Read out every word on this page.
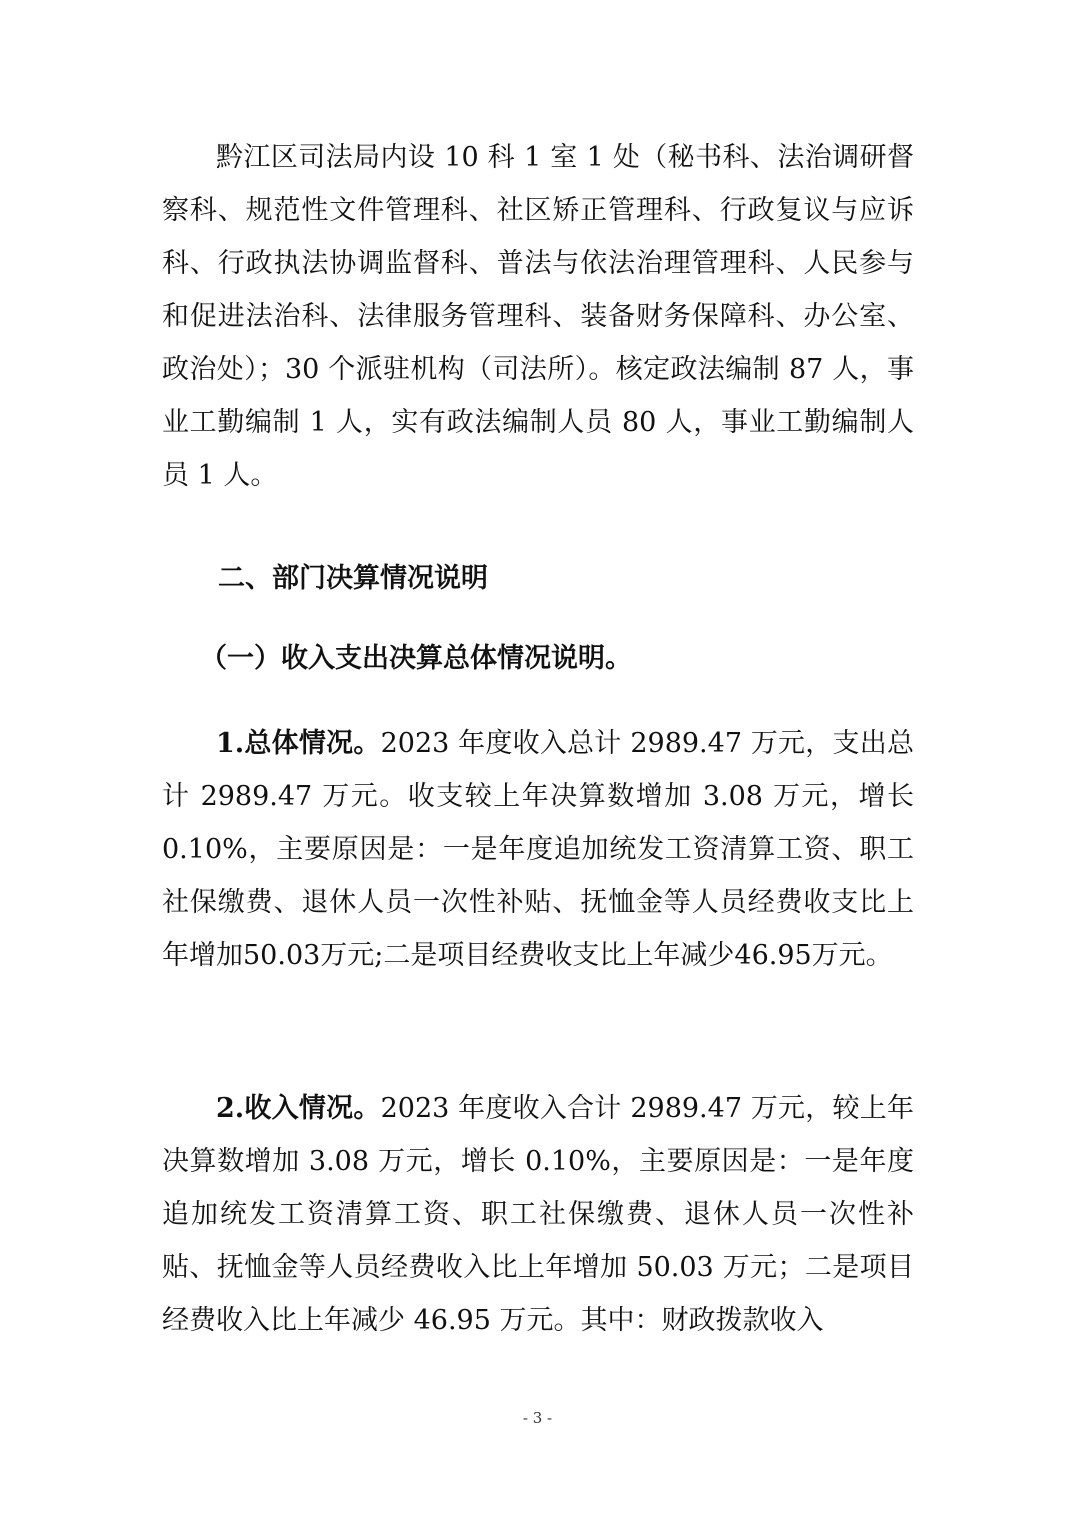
黔江区司法局内设 10 科 1 室 1 处（秘书科、法治调研督察科、规范性文件管理科、社区矫正管理科、行政复议与应诉科、行政执法协调监督科、普法与依法治理管理科、人民参与和促进法治科、法律服务管理科、装备财务保障科、办公室、政治处）；30 个派驻机构（司法所）。核定政法编制 87 人，事业工勤编制 1 人，实有政法编制人员 80 人，事业工勤编制人员 1 人。

二、部门决算情况说明
（一）收入支出决算总体情况说明。

1.总体情况。2023 年度收入总计 2989.47 万元，支出总计 2989.47 万元。收支较上年决算数增加 3.08 万元，增长 0.10%，主要原因是：一是年度追加统发工资清算工资、职工社保缴费、退休人员一次性补贴、抚恤金等人员经费收支比上年增加50.03万元;二是项目经费收支比上年减少46.95万元。

2.收入情况。2023 年度收入合计 2989.47 万元，较上年决算数增加 3.08 万元，增长 0.10%，主要原因是：一是年度追加统发工资清算工资、职工社保缴费、退休人员一次性补贴、抚恤金等人员经费收入比上年增加 50.03 万元；二是项目经费收入比上年减少 46.95 万元。其中：财政拨款收入

- 3 -
